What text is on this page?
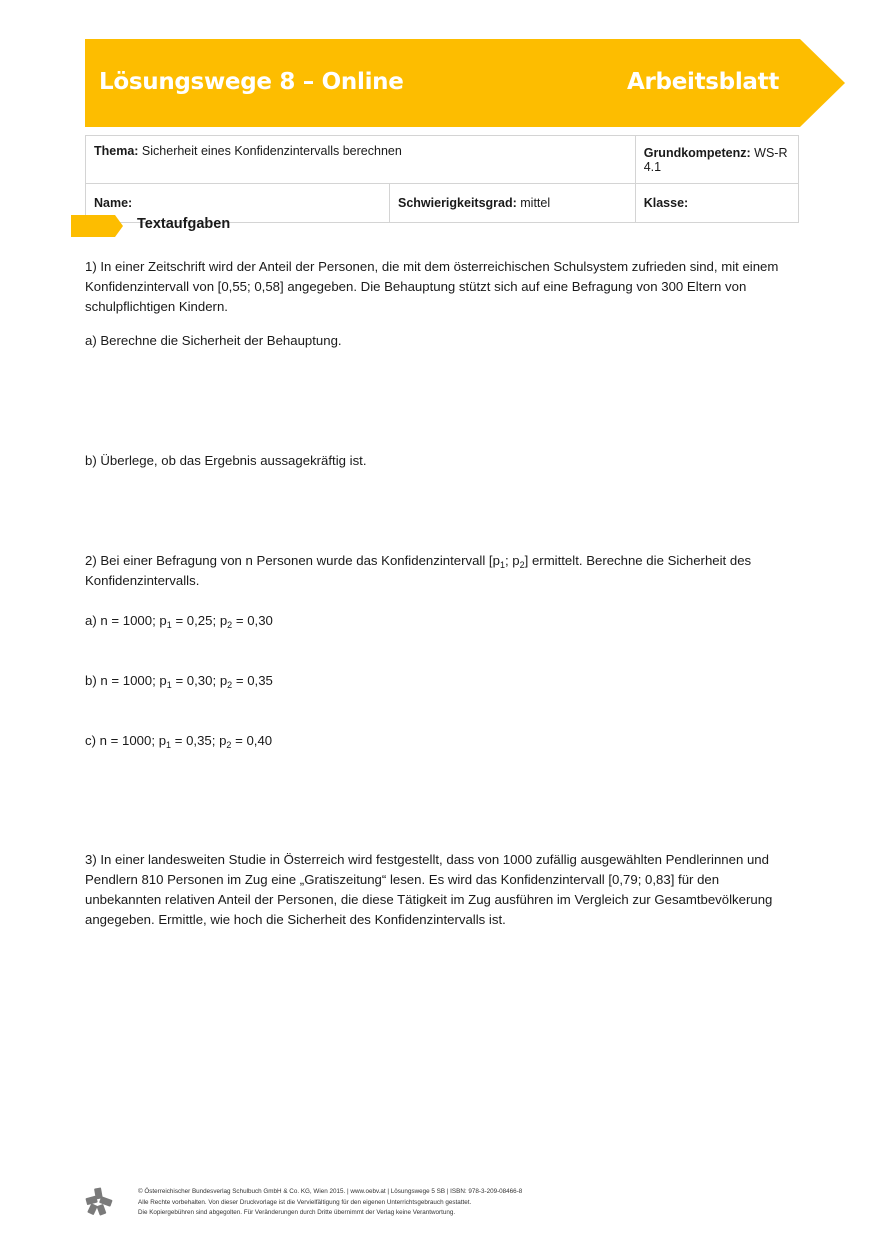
Lösungswege 8 – Online	Arbeitsblatt
Thema: Sicherheit eines Konfidenzintervalls berechnen		Grundkompetenz: WS-R 4.1
Name:	Schwierigkeitsgrad: mittel	Klasse:
Textaufgaben
1) In einer Zeitschrift wird der Anteil der Personen, die mit dem österreichischen Schulsystem zufrieden sind, mit einem Konfidenzintervall von [0,55; 0,58] angegeben. Die Behauptung stützt sich auf eine Befragung von 300 Eltern von schulpflichtigen Kindern.
a) Berechne die Sicherheit der Behauptung.
b) Überlege, ob das Ergebnis aussagekräftig ist.
2) Bei einer Befragung von n Personen wurde das Konfidenzintervall [$p_1$; $p_2$] ermittelt. Berechne die Sicherheit des Konfidenzintervalls.
a) n = 1000; $p_1 = 0,25$; $p_2 = 0,30$
b) n = 1000; $p_1 = 0,30$; $p_2 = 0,35$
c) n = 1000; $p_1 = 0,35$; $p_2 = 0,40$
3) In einer landesweiten Studie in Österreich wird festgestellt, dass von 1000 zufällig ausgewählten Pendlerinnen und Pendlern 810 Personen im Zug eine „Gratiszeitung“ lesen. Es wird das Konfidenzintervall [0,79; 0,83] für den unbekannten relativen Anteil der Personen, die diese Tätigkeit im Zug ausführen im Vergleich zur Gesamtbevölkerung angegeben. Ermittle, wie hoch die Sicherheit des Konfidenzintervalls ist.
© Österreichischer Bundesverlag Schulbuch GmbH & Co. KG, Wien 2015. | www.oebv.at | Lösungswege 5 SB | ISBN: 978-3-209-08466-8
Alle Rechte vorbehalten. Von dieser Druckvorlage ist die Vervielfältigung für den eigenen Unterrichtsgebrauch gestattet.
Die Kopiergebühren sind abgegolten. Für Veränderungen durch Dritte übernimmt der Verlag keine Verantwortung.
